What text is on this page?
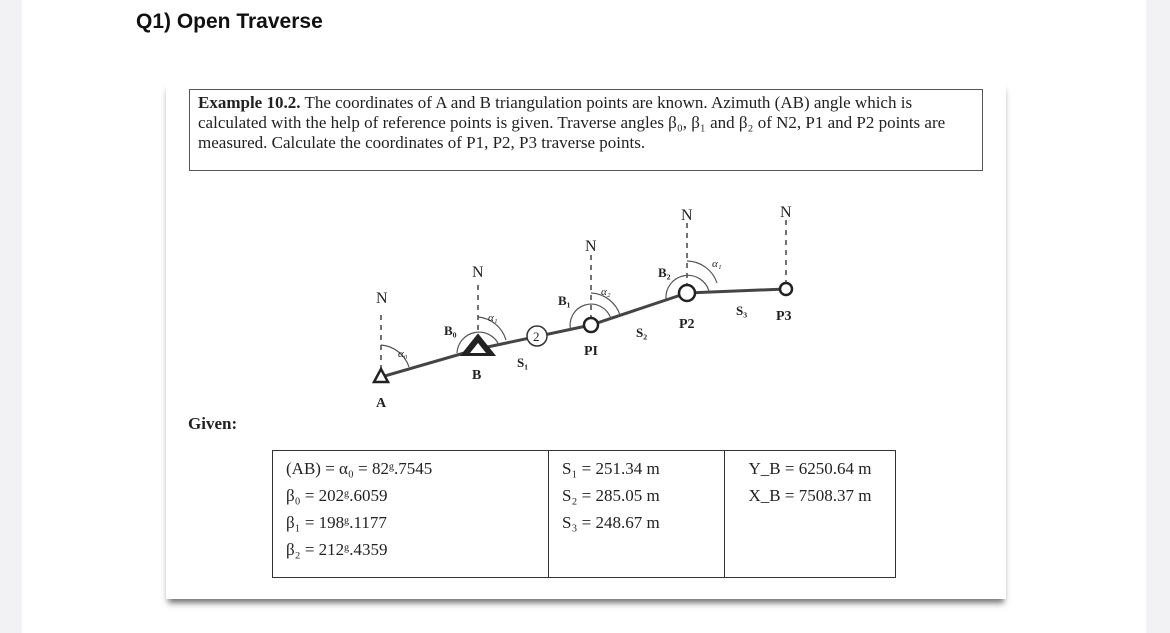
Q1) Open Traverse
Example 10.2. The coordinates of A and B triangulation points are known. Azimuth (AB) angle which is calculated with the help of reference points is given. Traverse angles β₀, β₁ and β₂ of N2, P1 and P2 points are measured. Calculate the coordinates of P1, P2, P3 traverse points.
N
N
N
N	N
A
B
PI
P2
P3
2
α₀
α₁
α₂
α₁
B₀
B₁
B₂
S₁
S₂
S₃
Given:
(AB) = α₀ = 82ᵍ.7545
β₀ = 202ᵍ.6059
β₁ = 198ᵍ.1177
β₂ = 212ᵍ.4359

S₁ = 251.34 m
S₂ = 285.05 m
S₃ = 248.67 m

Y_B = 6250.64 m
X_B = 7508.37 m
